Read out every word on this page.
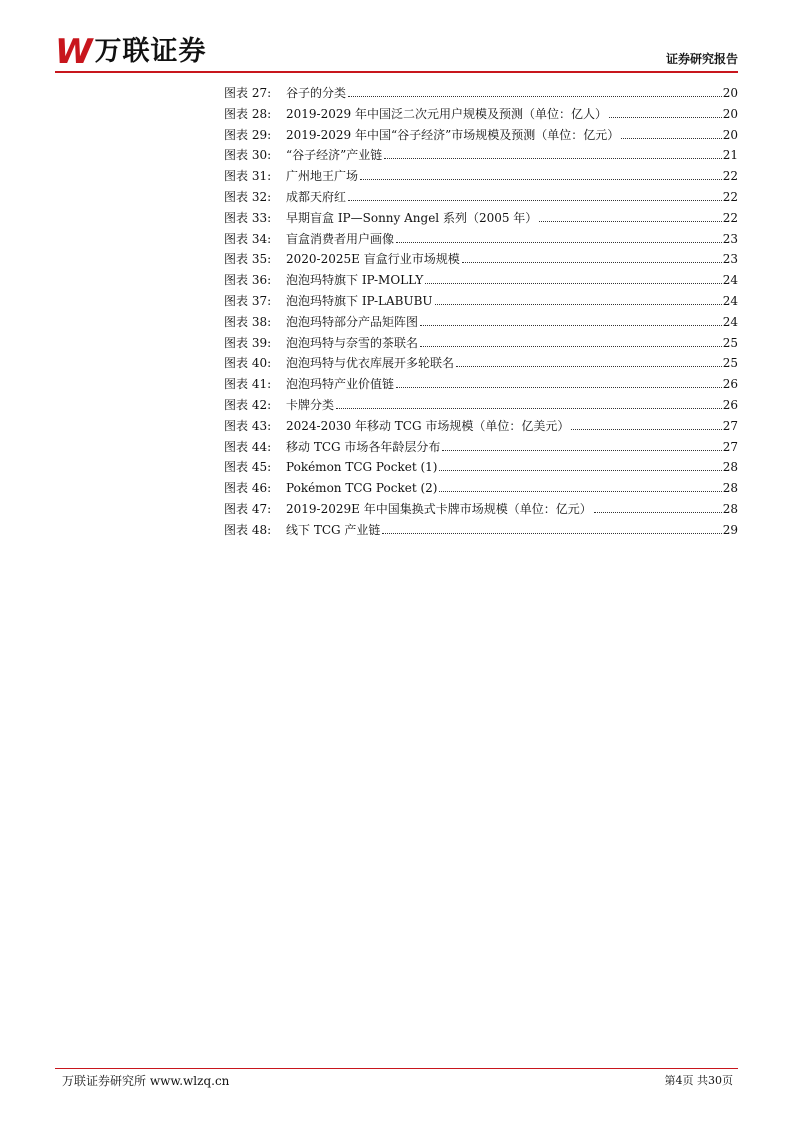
W 万联证券	证券研究报告
图表 27:	谷子的分类	20
图表 28:	2019-2029 年中国泛二次元用户规模及预测（单位：亿人）	20
图表 29:	2019-2029 年中国“谷子经济”市场规模及预测（单位：亿元）	20
图表 30:	“谷子经济”产业链	21
图表 31:	广州地王广场	22
图表 32:	成都天府红	22
图表 33:	早期盲盒 IP—Sonny Angel 系列（2005 年）	22
图表 34:	盲盒消费者用户画像	23
图表 35:	2020-2025E 盲盒行业市场规模	23
图表 36:	泡泡玛特旗下 IP-MOLLY	24
图表 37:	泡泡玛特旗下 IP-LABUBU	24
图表 38:	泡泡玛特部分产品矩阵图	24
图表 39:	泡泡玛特与奈雪的茶联名	25
图表 40:	泡泡玛特与优衣库展开多轮联名	25
图表 41:	泡泡玛特产业价值链	26
图表 42:	卡牌分类	26
图表 43:	2024-2030 年移动 TCG 市场规模（单位：亿美元）	27
图表 44:	移动 TCG 市场各年龄层分布	27
图表 45:	Pokémon TCG Pocket (1)	28
图表 46:	Pokémon TCG Pocket (2)	28
图表 47:	2019-2029E 年中国集换式卡牌市场规模（单位：亿元）	28
图表 48:	线下 TCG 产业链	29
万联证券研究所 www.wlzq.cn	第4页 共30页
